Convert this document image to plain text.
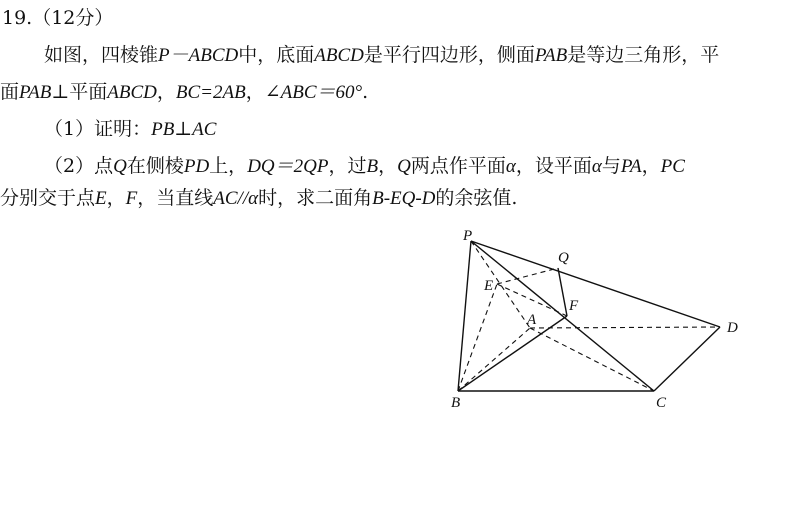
19.（12分）
如图，四棱锥P－ABCD中，底面ABCD是平行四边形，侧面PAB是等边三角形，平
面PAB⊥平面ABCD，BC=2AB，∠ABC＝60°.
（1）证明：PB⊥AC
（2）点Q在侧棱PD上，DQ＝2QP，过B，Q两点作平面α，设平面α与PA，PC
分别交于点E，F，当直线AC//α时，求二面角B-EQ-D的余弦值.
P
Q
E
F
A	D
B	C
